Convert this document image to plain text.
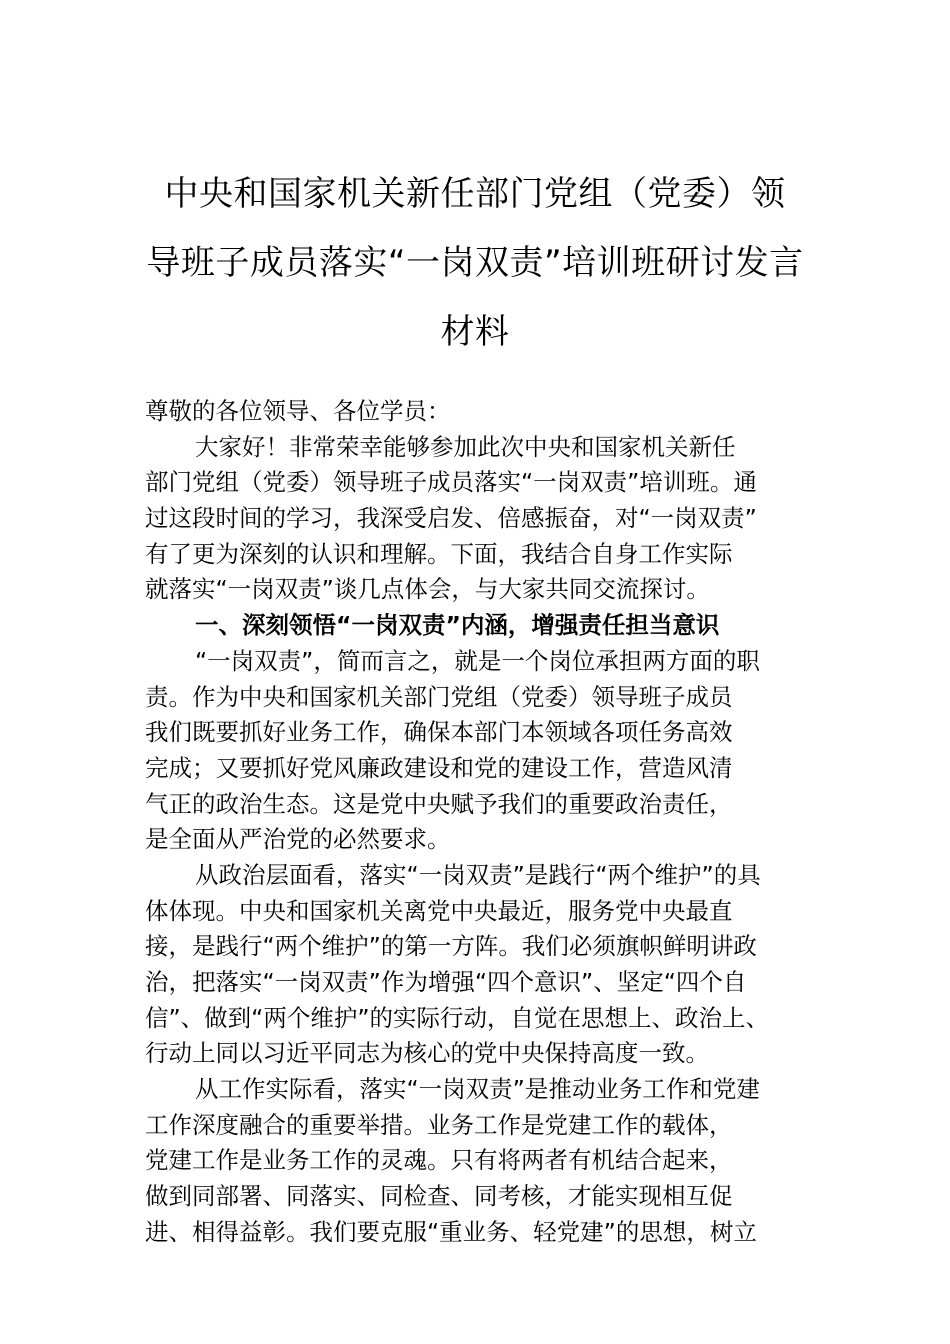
中央和国家机关新任部门党组（党委）领
导班子成员落实“一岗双责”培训班研讨发言
材料
尊敬的各位领导、各位学员：
大家好！非常荣幸能够参加此次中央和国家机关新任
部门党组（党委）领导班子成员落实“一岗双责”培训班。通
过这段时间的学习，我深受启发、倍感振奋，对“一岗双责”
有了更为深刻的认识和理解。下面，我结合自身工作实际
就落实“一岗双责”谈几点体会，与大家共同交流探讨。
一、深刻领悟“一岗双责”内涵，增强责任担当意识
“一岗双责”，简而言之，就是一个岗位承担两方面的职
责。作为中央和国家机关部门党组（党委）领导班子成员
我们既要抓好业务工作，确保本部门本领域各项任务高效
完成；又要抓好党风廉政建设和党的建设工作，营造风清
气正的政治生态。这是党中央赋予我们的重要政治责任，
是全面从严治党的必然要求。
从政治层面看，落实“一岗双责”是践行“两个维护”的具
体体现。中央和国家机关离党中央最近，服务党中央最直
接，是践行“两个维护”的第一方阵。我们必须旗帜鲜明讲政
治，把落实“一岗双责”作为增强“四个意识”、坚定“四个自
信”、做到“两个维护”的实际行动，自觉在思想上、政治上、
行动上同以习近平同志为核心的党中央保持高度一致。
从工作实际看，落实“一岗双责”是推动业务工作和党建
工作深度融合的重要举措。业务工作是党建工作的载体，
党建工作是业务工作的灵魂。只有将两者有机结合起来，
做到同部署、同落实、同检查、同考核，才能实现相互促
进、相得益彰。我们要克服“重业务、轻党建”的思想，树立
